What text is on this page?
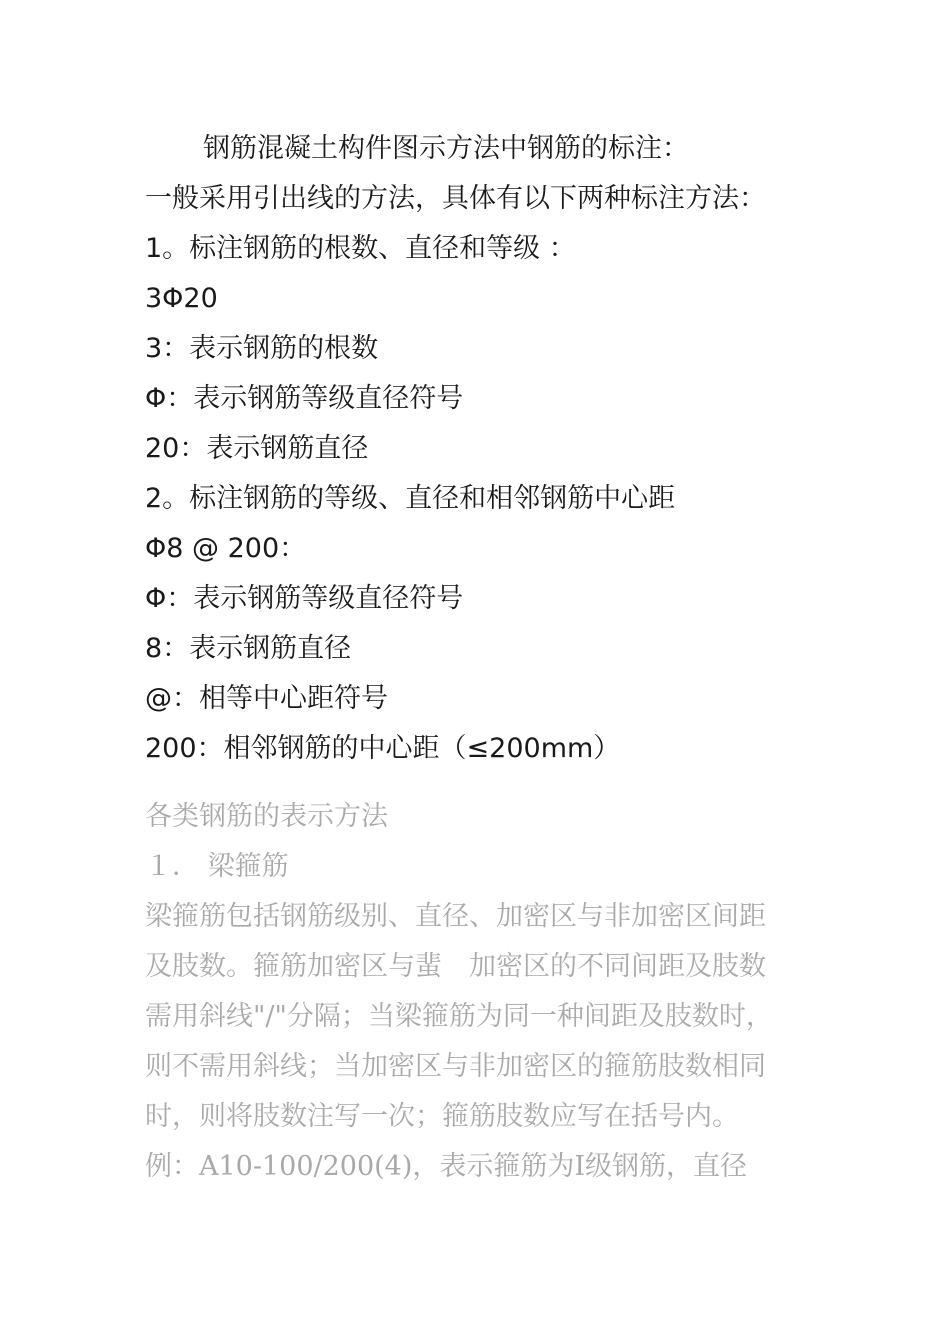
钢筋混凝土构件图示方法中钢筋的标注：
一般采用引出线的方法，具体有以下两种标注方法：
1。标注钢筋的根数、直径和等级 ：
3Φ20
3：表示钢筋的根数
Φ：表示钢筋等级直径符号
20：表示钢筋直径
2。标注钢筋的等级、直径和相邻钢筋中心距
Φ8 @ 200：
Φ：表示钢筋等级直径符号
8：表示钢筋直径
@：相等中心距符号
200：相邻钢筋的中心距（≤200mm）
各类钢筋的表示方法
１． 梁箍筋
梁箍筋包括钢筋级别、直径、加密区与非加密区间距
及肢数。箍筋加密区与蜚　加密区的不同间距及肢数
需用斜线"/"分隔；当梁箍筋为同一种间距及肢数时，
则不需用斜线；当加密区与非加密区的箍筋肢数相同
时，则将肢数注写一次；箍筋肢数应写在括号内。
例：A10-100/200(4)，表示箍筋为Ⅰ级钢筋，直径
